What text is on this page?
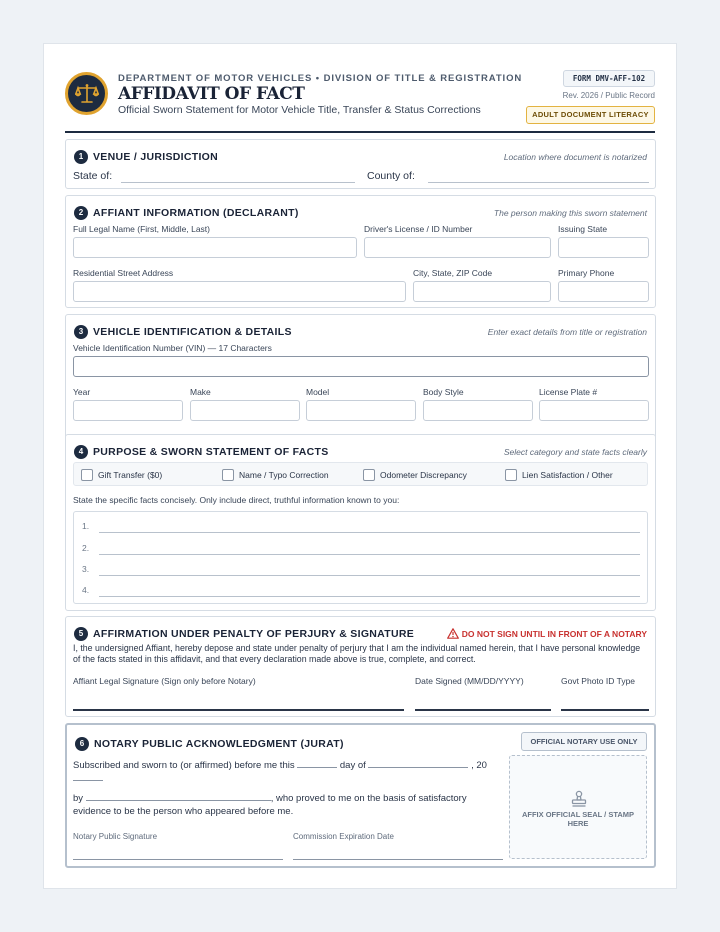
DEPARTMENT OF MOTOR VEHICLES • DIVISION OF TITLE & REGISTRATION
AFFIDAVIT OF FACT
Official Sworn Statement for Motor Vehicle Title, Transfer & Status Corrections
FORM DMV-AFF-102
Rev. 2026 / Public Record
ADULT DOCUMENT LITERACY
1 VENUE / JURISDICTION	Location where document is notarized
State of:	County of:
2 AFFIANT INFORMATION (DECLARANT)	The person making this sworn statement
Full Legal Name (First, Middle, Last)	Driver's License / ID Number	Issuing State
Residential Street Address	City, State, ZIP Code	Primary Phone
3 VEHICLE IDENTIFICATION & DETAILS	Enter exact details from title or registration
Vehicle Identification Number (VIN) — 17 Characters
Year	Make	Model	Body Style	License Plate #
4 PURPOSE & SWORN STATEMENT OF FACTS	Select category and state facts clearly
Gift Transfer ($0)	Name / Typo Correction	Odometer Discrepancy	Lien Satisfaction / Other
State the specific facts concisely. Only include direct, truthful information known to you:
1.
2.
3.
4.
5 AFFIRMATION UNDER PENALTY OF PERJURY & SIGNATURE	DO NOT SIGN UNTIL IN FRONT OF A NOTARY
I, the undersigned Affiant, hereby depose and state under penalty of perjury that I am the individual named herein, that I have personal knowledge of the facts stated in this affidavit, and that every declaration made above is true, complete, and correct.
Affiant Legal Signature (Sign only before Notary)	Date Signed (MM/DD/YYYY)	Govt Photo ID Type
6 NOTARY PUBLIC ACKNOWLEDGMENT (JURAT)	OFFICIAL NOTARY USE ONLY
Subscribed and sworn to (or affirmed) before me this	day of	, 20
by	, who proved to me on the basis of satisfactory
evidence to be the person who appeared before me.
Notary Public Signature	Commission Expiration Date
AFFIX OFFICIAL SEAL / STAMP HERE
